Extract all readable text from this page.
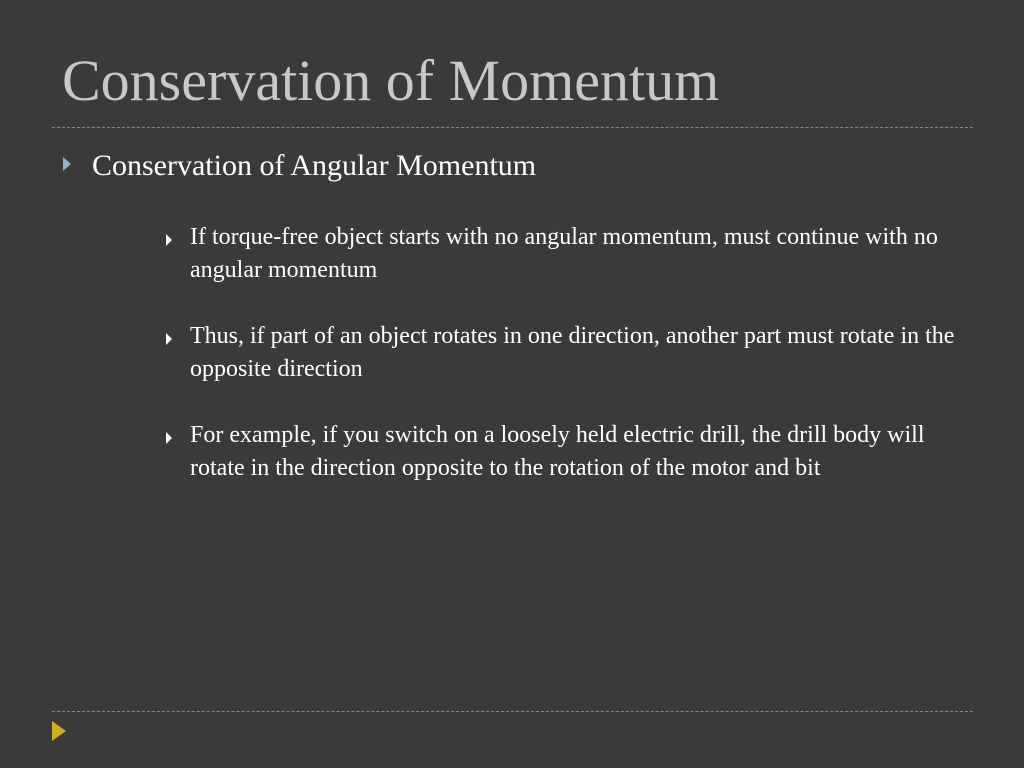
Conservation of Momentum
Conservation of Angular Momentum
If torque-free object starts with no angular momentum, must continue with no angular momentum
Thus, if part of an object rotates in one direction, another part must rotate in the opposite direction
For example, if you switch on a loosely held electric drill, the drill body will rotate in the direction opposite to the rotation of the motor and bit
